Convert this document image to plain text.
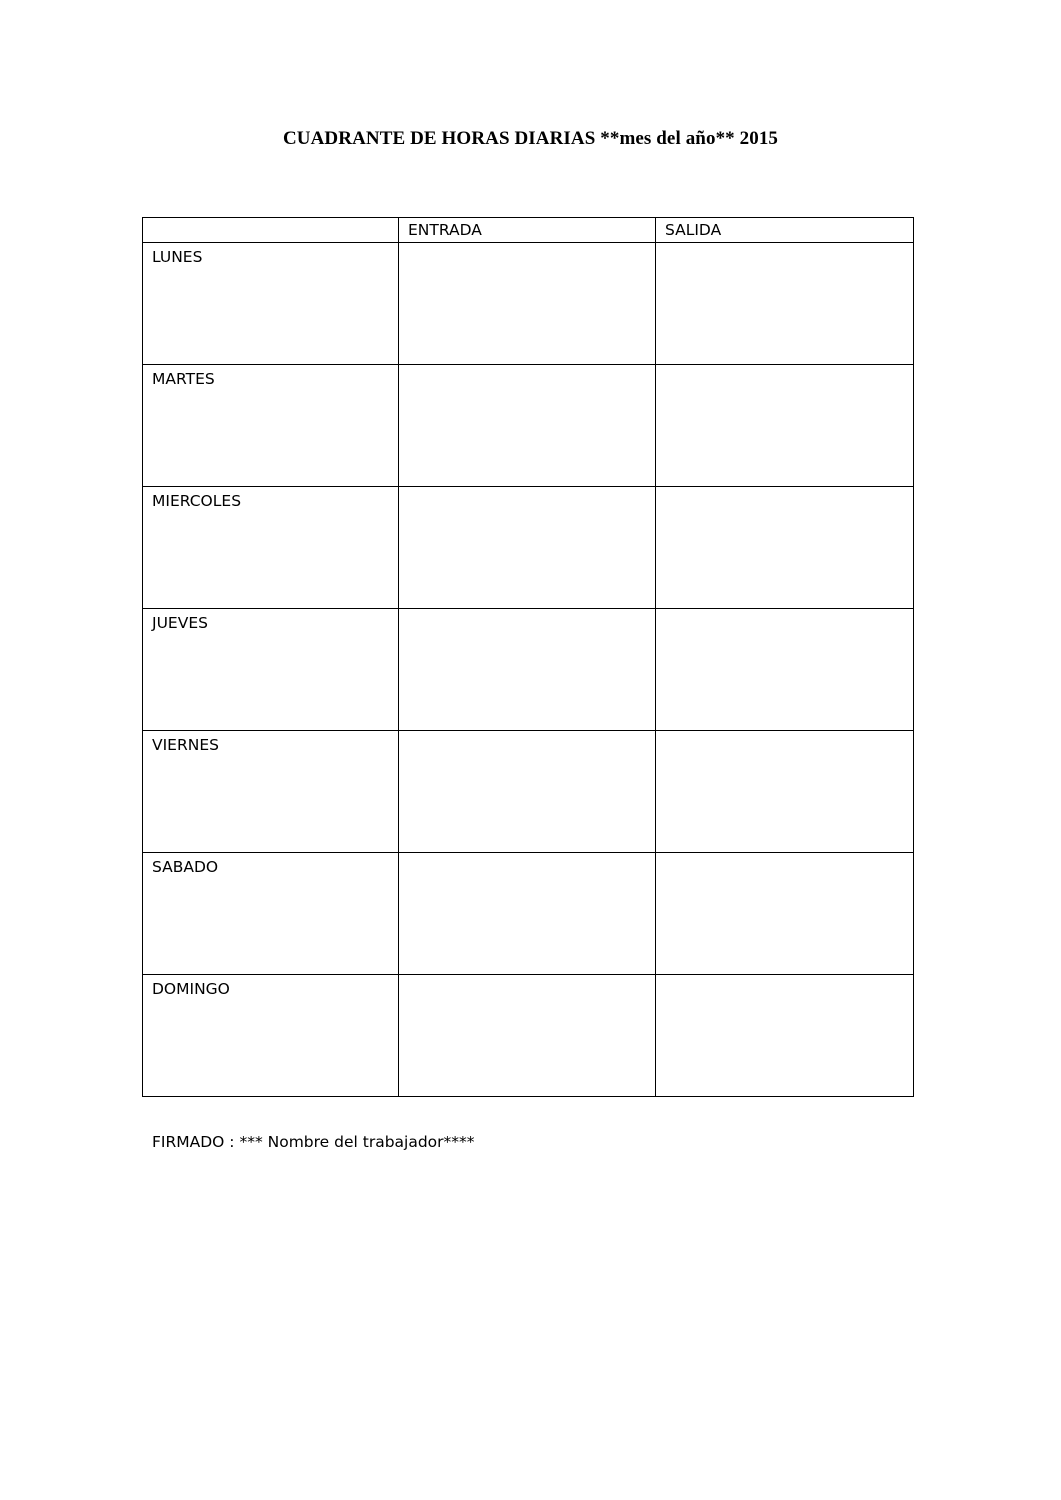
CUADRANTE DE HORAS DIARIAS **mes del año** 2015
	ENTRADA	SALIDA
LUNES		
MARTES		
MIERCOLES		
JUEVES		
VIERNES		
SABADO		
DOMINGO		
FIRMADO : *** Nombre del trabajador****
